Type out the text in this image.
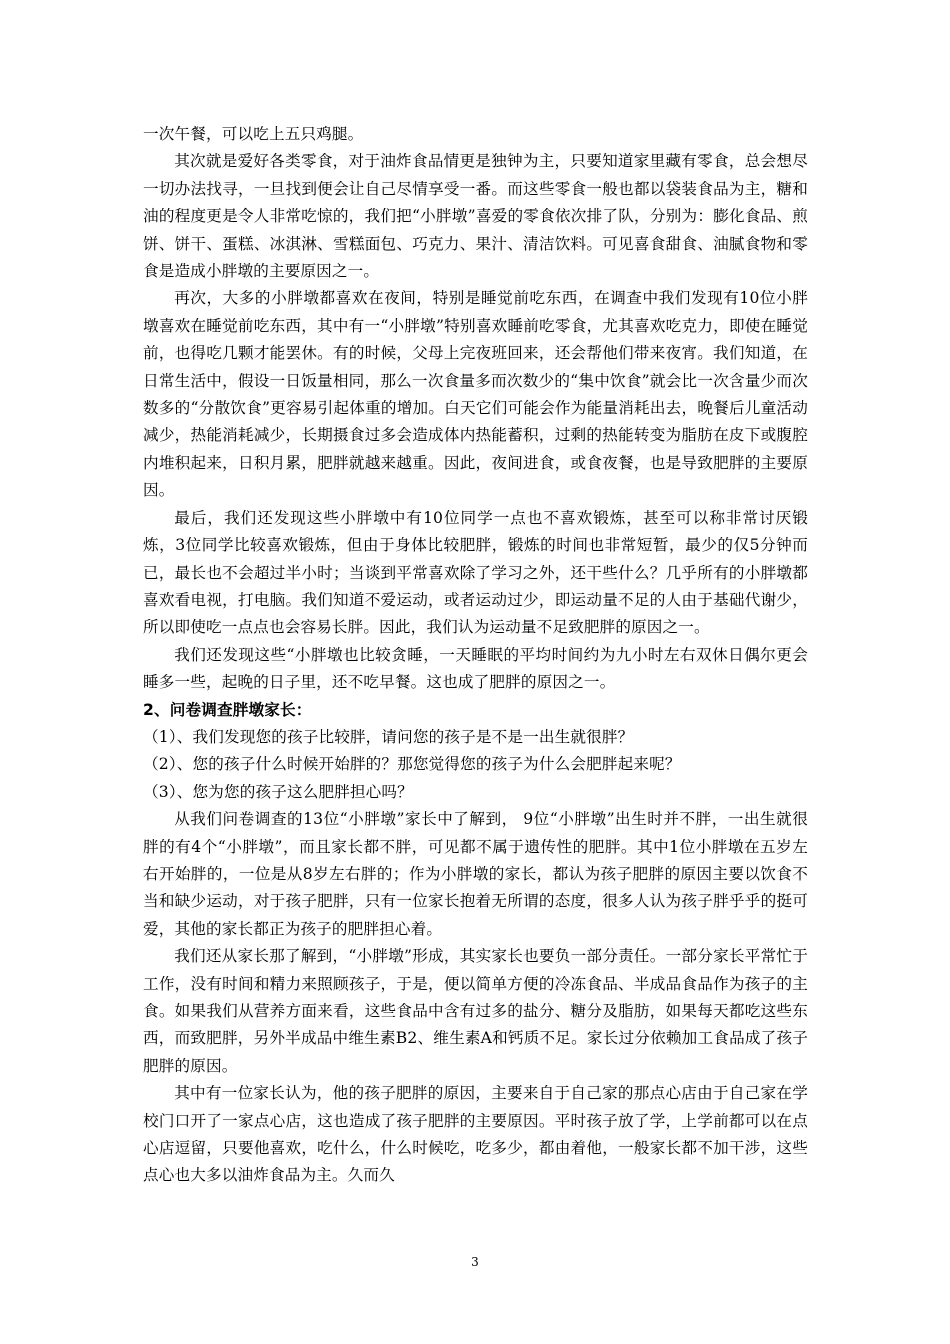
一次午餐，可以吃上五只鸡腿。

其次就是爱好各类零食，对于油炸食品情更是独钟为主，只要知道家里藏有零食，总会想尽一切办法找寻，一旦找到便会让自己尽情享受一番。而这些零食一般也都以袋装食品为主，糖和油的程度更是令人非常吃惊的，我们把“小胖墩”喜爱的零食依次排了队，分别为：膨化食品、煎饼、饼干、蛋糕、冰淇淋、雪糕面包、巧克力、果汁、清洁饮料。可见喜食甜食、油腻食物和零食是造成小胖墩的主要原因之一。

再次，大多的小胖墩都喜欢在夜间，特别是睡觉前吃东西，在调查中我们发现有10位小胖墩喜欢在睡觉前吃东西，其中有一“小胖墩”特别喜欢睡前吃零食，尤其喜欢吃克力，即使在睡觉前，也得吃几颗才能罢休。有的时候，父母上完夜班回来，还会帮他们带来夜宵。我们知道，在日常生活中，假设一日饭量相同，那么一次食量多而次数少的“集中饮食”就会比一次含量少而次数多的“分散饮食”更容易引起体重的增加。白天它们可能会作为能量消耗出去，晚餐后儿童活动减少，热能消耗减少，长期摄食过多会造成体内热能蓄积，过剩的热能转变为脂肪在皮下或腹腔内堆积起来，日积月累，肥胖就越来越重。因此，夜间进食，或食夜餐，也是导致肥胖的主要原因。

最后，我们还发现这些小胖墩中有10位同学一点也不喜欢锻炼，甚至可以称非常讨厌锻炼，3位同学比较喜欢锻炼，但由于身体比较肥胖，锻炼的时间也非常短暂，最少的仅5分钟而已，最长也不会超过半小时；当谈到平常喜欢除了学习之外，还干些什么？几乎所有的小胖墩都喜欢看电视，打电脑。我们知道不爱运动，或者运动过少，即运动量不足的人由于基础代谢少，所以即使吃一点点也会容易长胖。因此，我们认为运动量不足致肥胖的原因之一。

我们还发现这些“小胖墩也比较贪睡，一天睡眠的平均时间约为九小时左右双休日偶尔更会睡多一些，起晚的日子里，还不吃早餐。这也成了肥胖的原因之一。

2、问卷调查胖墩家长：

（1）、我们发现您的孩子比较胖，请问您的孩子是不是一出生就很胖？

（2）、您的孩子什么时候开始胖的？那您觉得您的孩子为什么会肥胖起来呢？

（3）、您为您的孩子这么肥胖担心吗？

从我们问卷调查的13位“小胖墩”家长中了解到， 9位“小胖墩”出生时并不胖，一出生就很胖的有4个“小胖墩”，而且家长都不胖，可见都不属于遗传性的肥胖。其中1位小胖墩在五岁左右开始胖的，一位是从8岁左右胖的；作为小胖墩的家长，都认为孩子肥胖的原因主要以饮食不当和缺少运动，对于孩子肥胖，只有一位家长抱着无所谓的态度，很多人认为孩子胖乎乎的挺可爱，其他的家长都正为孩子的肥胖担心着。

我们还从家长那了解到，“小胖墩”形成，其实家长也要负一部分责任。一部分家长平常忙于工作，没有时间和精力来照顾孩子，于是，便以简单方便的冷冻食品、半成品食品作为孩子的主食。如果我们从营养方面来看，这些食品中含有过多的盐分、糖分及脂肪，如果每天都吃这些东西，而致肥胖，另外半成品中维生素B2、维生素A和钙质不足。家长过分依赖加工食品成了孩子肥胖的原因。

其中有一位家长认为，他的孩子肥胖的原因，主要来自于自己家的那点心店由于自己家在学校门口开了一家点心店，这也造成了孩子肥胖的主要原因。平时孩子放了学，上学前都可以在点心店逗留，只要他喜欢，吃什么，什么时候吃，吃多少，都由着他，一般家长都不加干涉，这些点心也大多以油炸食品为主。久而久

3
